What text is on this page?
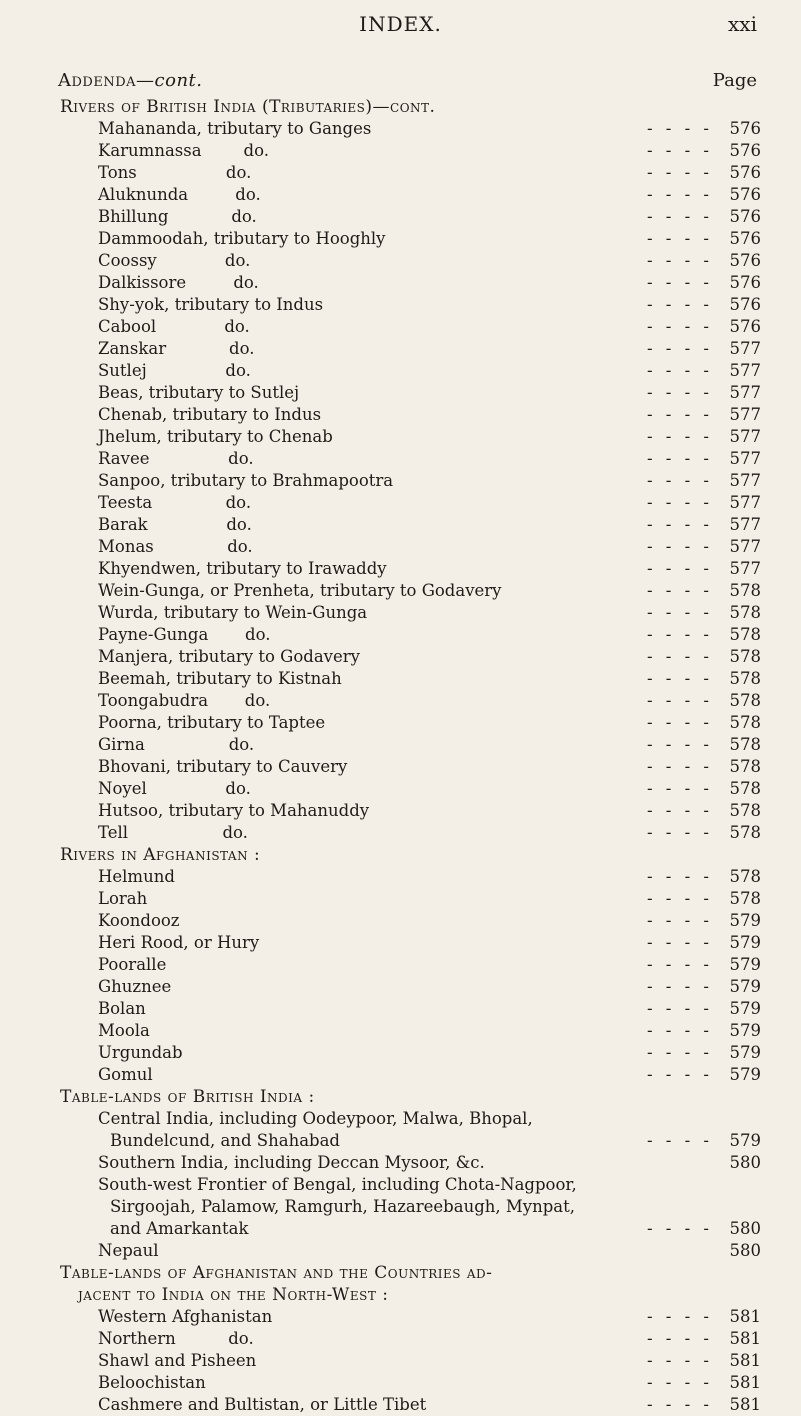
INDEX.	xxi
Addenda—cont.	Page
Rivers of British India (Tributaries)—cont.
Mahananda, tributary to Ganges	- - - -	576
Karumnassa        do.	- - - -	576
Tons                 do.	- - - -	576
Aluknunda         do.	- - - -	576
Bhillung            do.	- - - -	576
Dammoodah, tributary to Hooghly	- - - -	576
Coossy             do.	- - - -	576
Dalkissore         do.	- - - -	576
Shy-yok, tributary to Indus	- - - -	576
Cabool             do.	- - - -	576
Zanskar            do.	- - - -	577
Sutlej               do.	- - - -	577
Beas, tributary to Sutlej	- - - -	577
Chenab, tributary to Indus	- - - -	577
Jhelum, tributary to Chenab	- - - -	577
Ravee               do.	- - - -	577
Sanpoo, tributary to Brahmapootra	- - - -	577
Teesta              do.	- - - -	577
Barak               do.	- - - -	577
Monas              do.	- - - -	577
Khyendwen, tributary to Irawaddy	- - - -	577
Wein-Gunga, or Prenheta, tributary to Godavery	- - - -	578
Wurda, tributary to Wein-Gunga	- - - -	578
Payne-Gunga       do.	- - - -	578
Manjera, tributary to Godavery	- - - -	578
Beemah, tributary to Kistnah	- - - -	578
Toongabudra       do.	- - - -	578
Poorna, tributary to Taptee	- - - -	578
Girna                do.	- - - -	578
Bhovani, tributary to Cauvery	- - - -	578
Noyel               do.	- - - -	578
Hutsoo, tributary to Mahanuddy	- - - -	578
Tell                  do.	- - - -	578
Rivers in Afghanistan :
Helmund	- - - -	578
Lorah	- - - -	578
Koondooz	- - - -	579
Heri Rood, or Hury	- - - -	579
Pooralle	- - - -	579
Ghuznee	- - - -	579
Bolan	- - - -	579
Moola	- - - -	579
Urgundab	- - - -	579
Gomul	- - - -	579
Table-lands of British India :
Central India, including Oodeypoor, Malwa, Bhopal,
Bundelcund, and Shahabad	- - - -	579
Southern India, including Deccan Mysoor, &c.	580
South-west Frontier of Bengal, including Chota-Nagpoor,
Sirgoojah, Palamow, Ramgurh, Hazareebaugh, Mynpat,
and Amarkantak	- - - -	580
Nepaul	580
Table-lands of Afghanistan and the Countries ad-
jacent to India on the North-West :
Western Afghanistan	- - - -	581
Northern          do.	- - - -	581
Shawl and Pisheen	- - - -	581
Beloochistan	- - - -	581
Cashmere and Bultistan, or Little Tibet	- - - -	581
